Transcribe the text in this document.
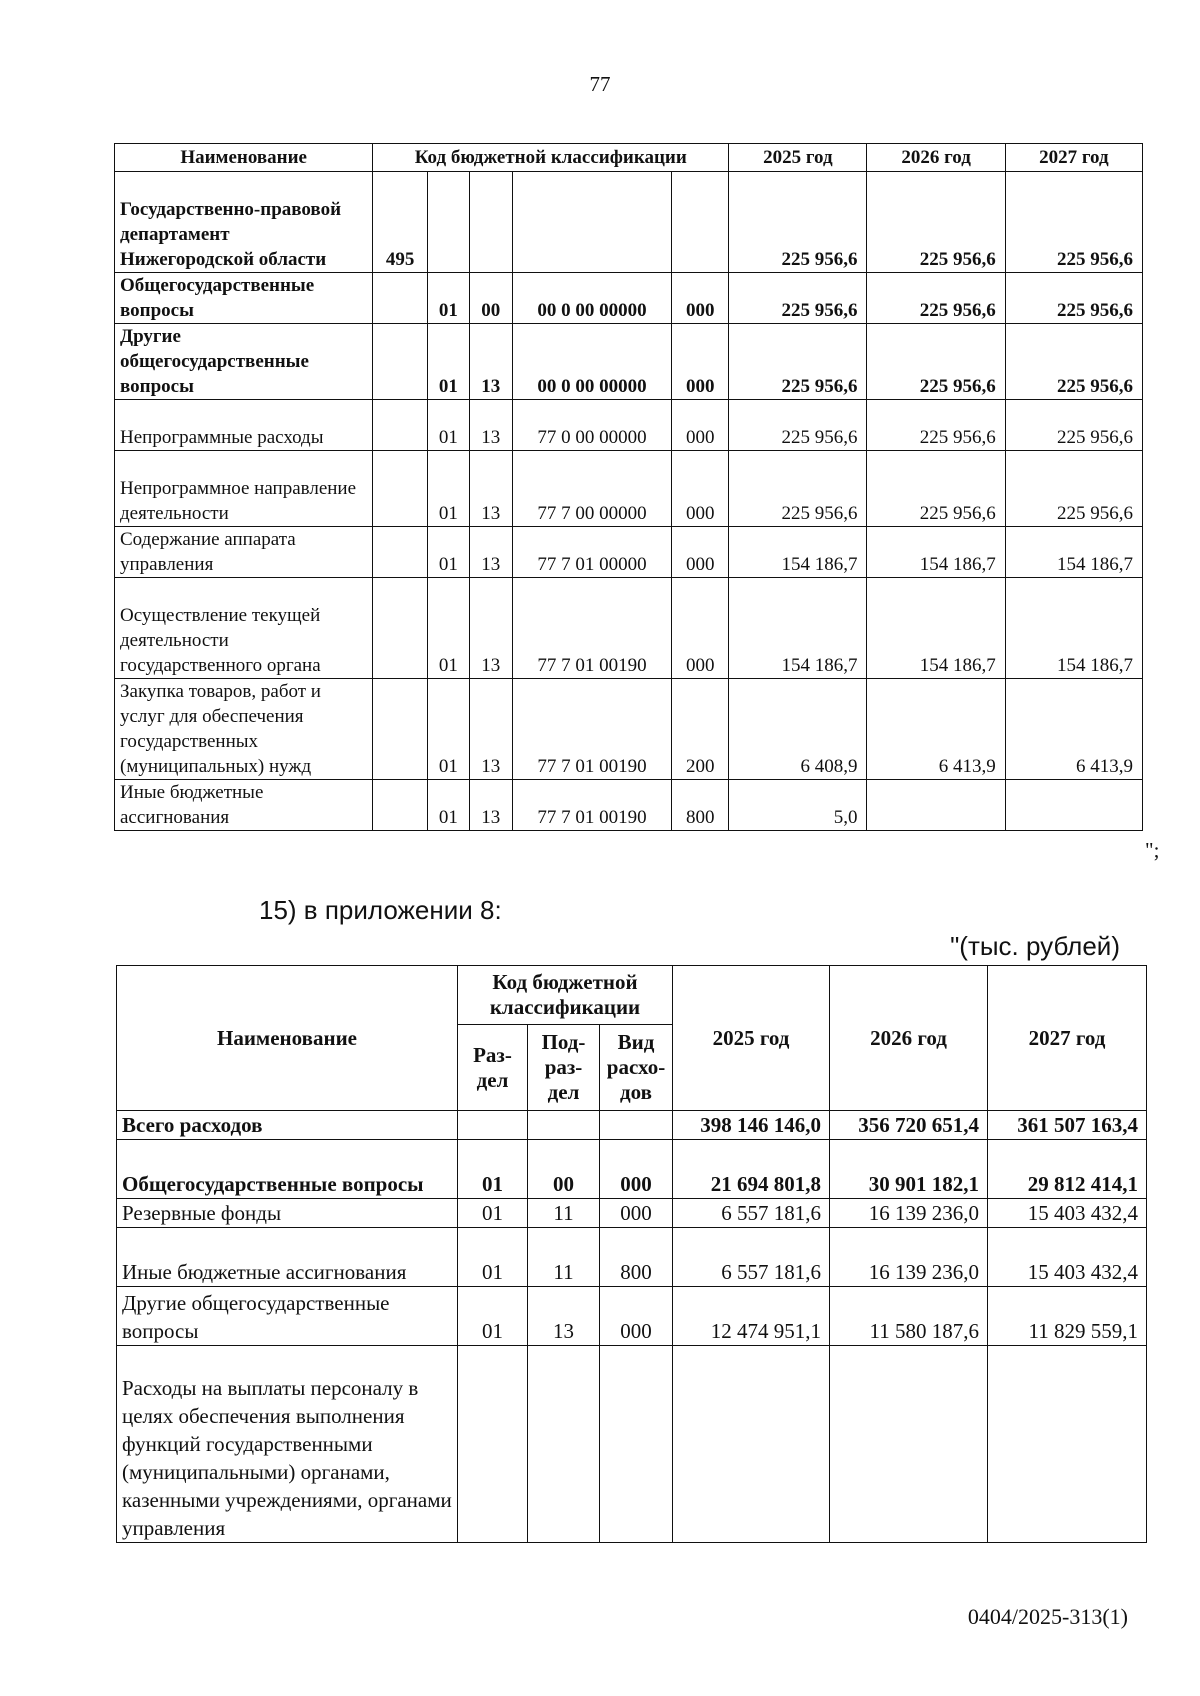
77
Наименование	Код бюджетной классификации					2025 год	2026 год	2027 год
Государственно-правовой департамент Нижегородской области	495					225 956,6	225 956,6	225 956,6
Общегосударственные вопросы		01	00	00 0 00 00000	000	225 956,6	225 956,6	225 956,6
Другие общегосударственные вопросы		01	13	00 0 00 00000	000	225 956,6	225 956,6	225 956,6
Непрограммные расходы		01	13	77 0 00 00000	000	225 956,6	225 956,6	225 956,6
Непрограммное направление деятельности		01	13	77 7 00 00000	000	225 956,6	225 956,6	225 956,6
Содержание аппарата управления		01	13	77 7 01 00000	000	154 186,7	154 186,7	154 186,7
Осуществление текущей деятельности государственного органа		01	13	77 7 01 00190	000	154 186,7	154 186,7	154 186,7
Закупка товаров, работ и услуг для обеспечения государственных (муниципальных) нужд		01	13	77 7 01 00190	200	6 408,9	6 413,9	6 413,9
Иные бюджетные ассигнования		01	13	77 7 01 00190	800	5,0		
";
15) в приложении 8:
"(тыс. рублей)
Наименование	Код бюджетной классификации			2025 год	2026 год	2027 год
	Раз-дел	Под-раз-дел	Вид расхо-дов			
Всего расходов				398 146 146,0	356 720 651,4	361 507 163,4
Общегосударственные вопросы	01	00	000	21 694 801,8	30 901 182,1	29 812 414,1
Резервные фонды	01	11	000	6 557 181,6	16 139 236,0	15 403 432,4
Иные бюджетные ассигнования	01	11	800	6 557 181,6	16 139 236,0	15 403 432,4
Другие общегосударственные вопросы	01	13	000	12 474 951,1	11 580 187,6	11 829 559,1
Расходы на выплаты персоналу в целях обеспечения выполнения функций государственными (муниципальными) органами, казенными учреждениями, органами управления						
0404/2025-313(1)
